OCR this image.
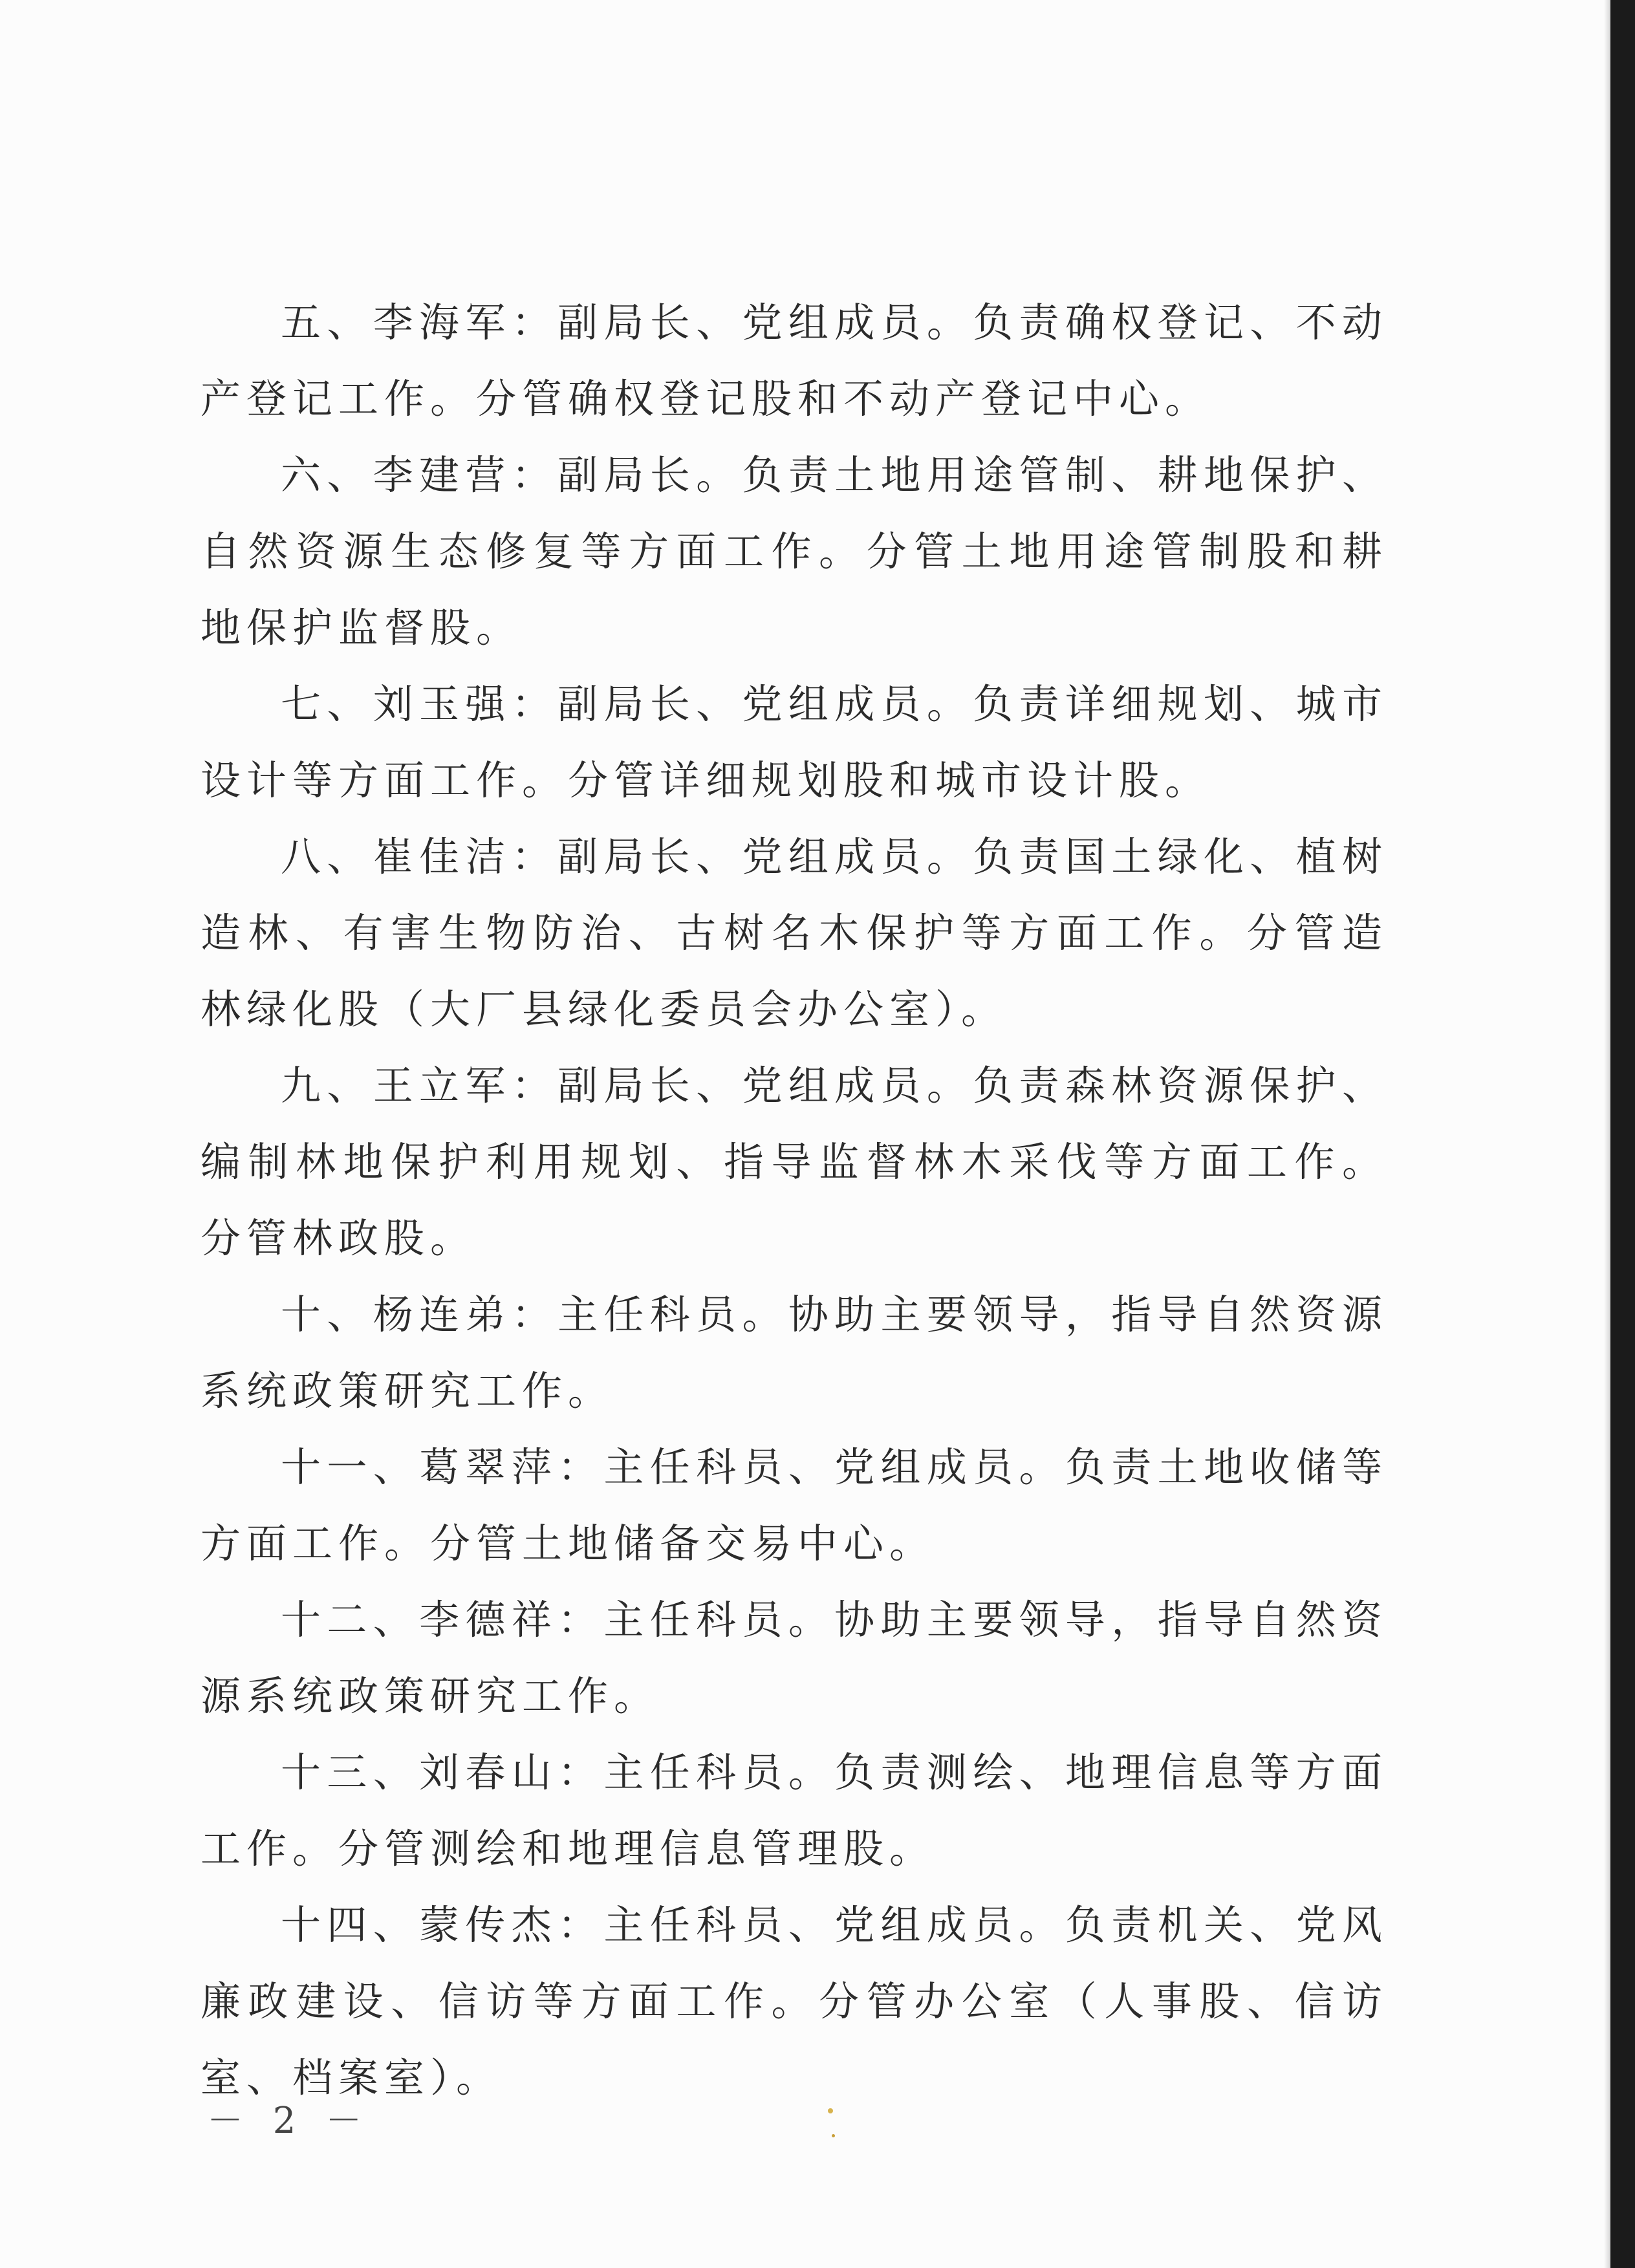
五、李海军：副局长、党组成员。负责确权登记、不动产登记工作。分管确权登记股和不动产登记中心。

六、李建营：副局长。负责土地用途管制、耕地保护、自然资源生态修复等方面工作。分管土地用途管制股和耕地保护监督股。

七、刘玉强：副局长、党组成员。负责详细规划、城市设计等方面工作。分管详细规划股和城市设计股。

八、崔佳洁：副局长、党组成员。负责国土绿化、植树造林、有害生物防治、古树名木保护等方面工作。分管造林绿化股（大厂县绿化委员会办公室）。

九、王立军：副局长、党组成员。负责森林资源保护、编制林地保护利用规划、指导监督林木采伐等方面工作。分管林政股。

十、杨连弟：主任科员。协助主要领导，指导自然资源系统政策研究工作。

十一、葛翠萍：主任科员、党组成员。负责土地收储等方面工作。分管土地储备交易中心。

十二、李德祥：主任科员。协助主要领导，指导自然资源系统政策研究工作。

十三、刘春山：主任科员。负责测绘、地理信息等方面工作。分管测绘和地理信息管理股。

十四、蒙传杰：主任科员、党组成员。负责机关、党风廉政建设、信访等方面工作。分管办公室（人事股、信访室、档案室）。

－ 2 －
